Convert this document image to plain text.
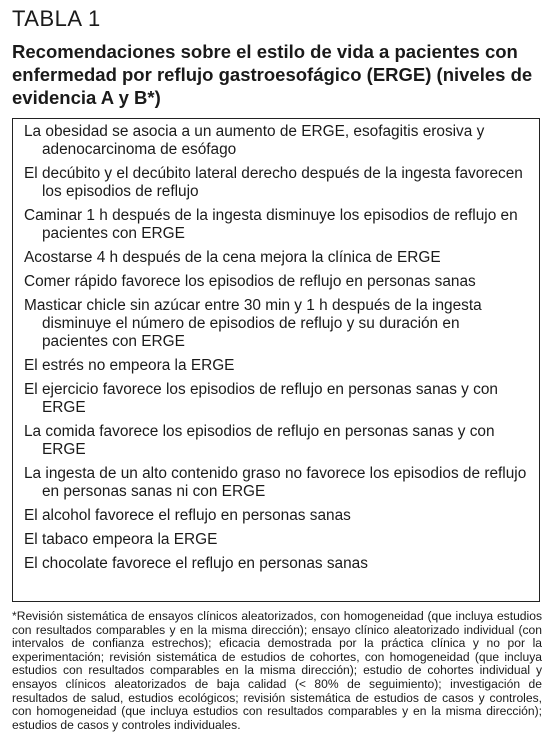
TABLA 1
Recomendaciones sobre el estilo de vida a pacientes con enfermedad por reflujo gastroesofágico (ERGE) (niveles de evidencia A y B*)

La obesidad se asocia a un aumento de ERGE, esofagitis erosiva y adenocarcinoma de esófago

El decúbito y el decúbito lateral derecho después de la ingesta favorecen los episodios de reflujo

Caminar 1 h después de la ingesta disminuye los episodios de reflujo en pacientes con ERGE

Acostarse 4 h después de la cena mejora la clínica de ERGE

Comer rápido favorece los episodios de reflujo en personas sanas

Masticar chicle sin azúcar entre 30 min y 1 h después de la ingesta disminuye el número de episodios de reflujo y su duración en pacientes con ERGE

El estrés no empeora la ERGE

El ejercicio favorece los episodios de reflujo en personas sanas y con ERGE

La comida favorece los episodios de reflujo en personas sanas y con ERGE

La ingesta de un alto contenido graso no favorece los episodios de reflujo en personas sanas ni con ERGE

El alcohol favorece el reflujo en personas sanas

El tabaco empeora la ERGE

El chocolate favorece el reflujo en personas sanas

*Revisión sistemática de ensayos clínicos aleatorizados, con homogeneidad (que incluya estudios con resultados comparables y en la misma dirección); ensayo clínico aleatorizado individual (con intervalos de confianza estrechos); eficacia demostrada por la práctica clínica y no por la experimentación; revisión sistemática de estudios de cohortes, con homogeneidad (que incluya estudios con resultados comparables en la misma dirección); estudio de cohortes individual y ensayos clínicos aleatorizados de baja calidad (< 80% de seguimiento); investigación de resultados de salud, estudios ecológicos; revisión sistemática de estudios de casos y controles, con homogeneidad (que incluya estudios con resultados comparables y en la misma dirección); estudios de casos y controles individuales.
